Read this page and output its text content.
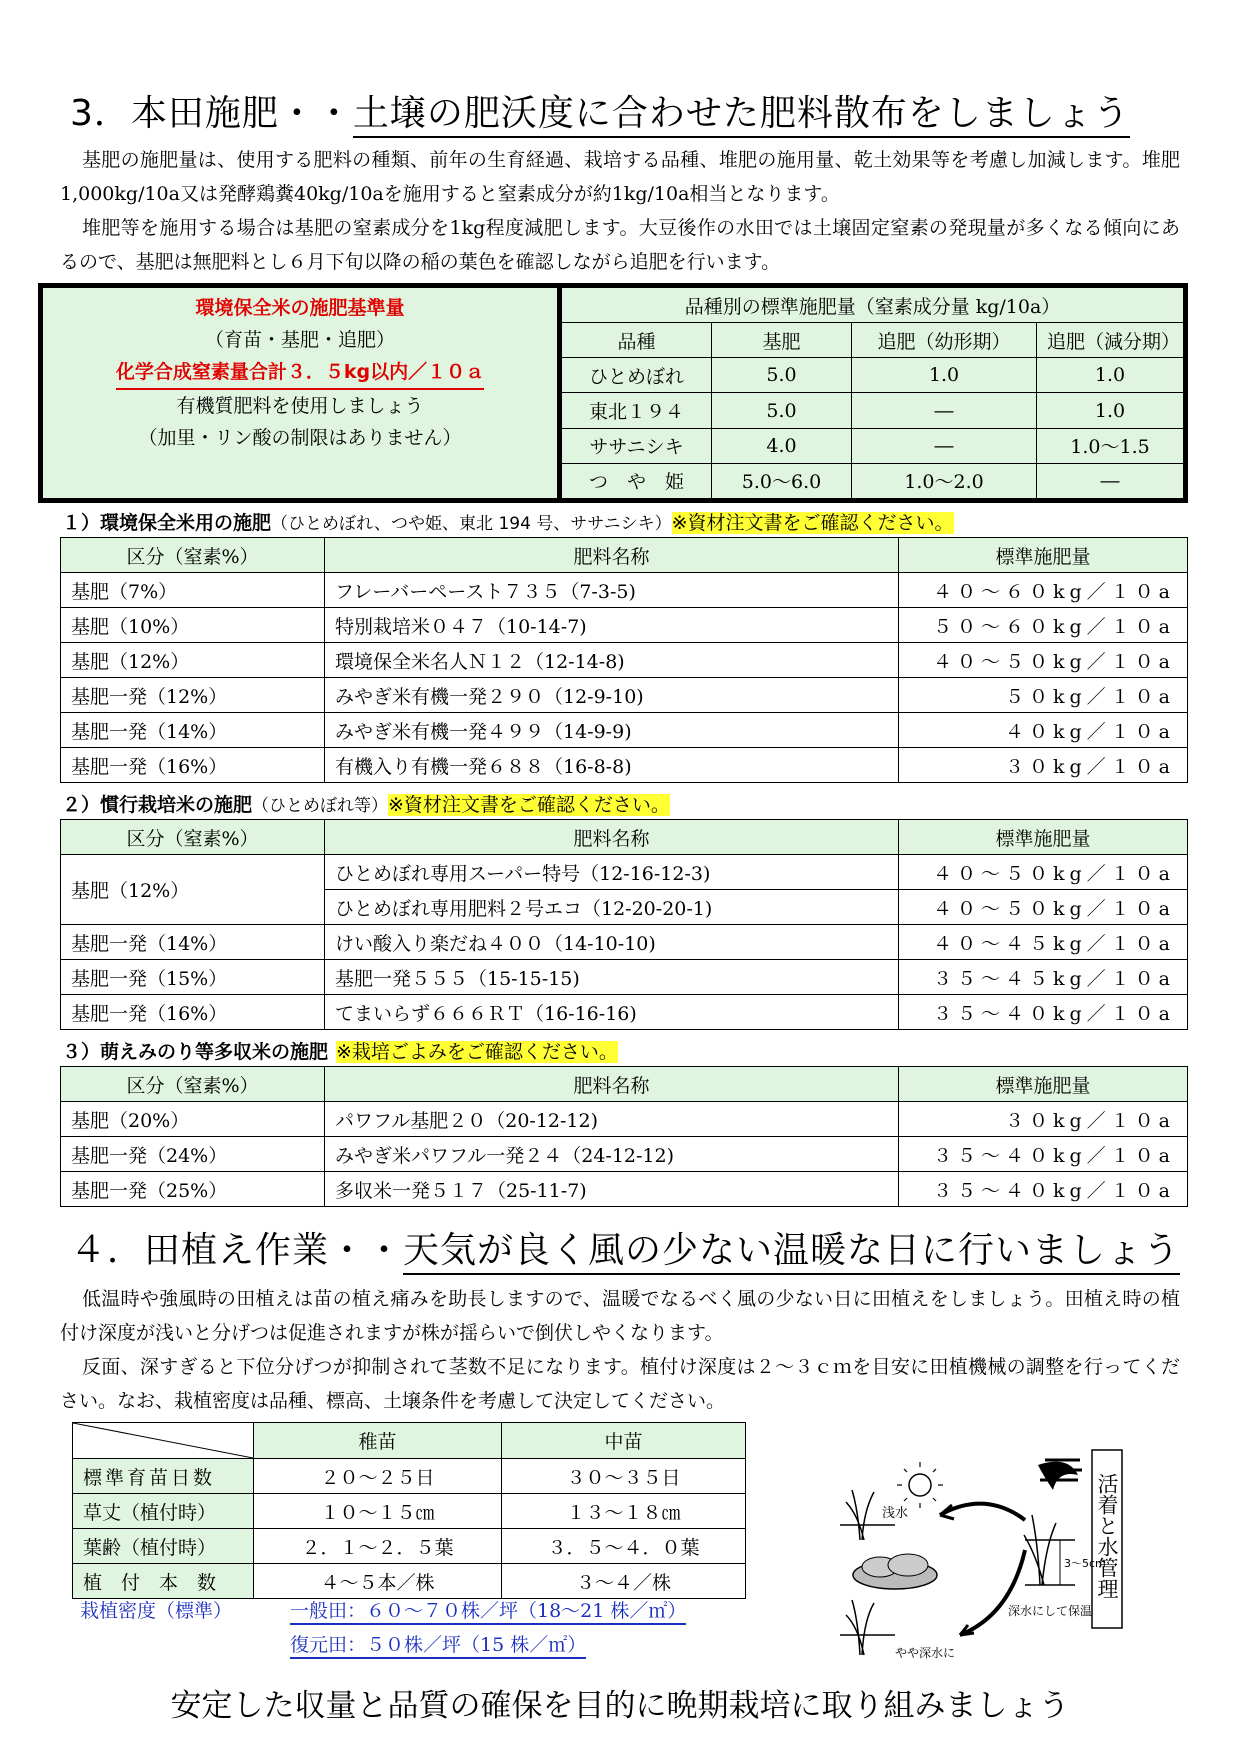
3．本田施肥・・土壌の肥沃度に合わせた肥料散布をしましょう
基肥の施肥量は、使用する肥料の種類、前年の生育経過、栽培する品種、堆肥の施用量、乾土効果等を考慮し加減します。堆肥1,000kg/10a又は発酵鶏糞40kg/10aを施用すると窒素成分が約1kg/10a相当となります。
堆肥等を施用する場合は基肥の窒素成分を1kg程度減肥します。大豆後作の水田では土壌固定窒素の発現量が多くなる傾向にあるので、基肥は無肥料とし６月下旬以降の稲の葉色を確認しながら追肥を行います。
環境保全米の施肥基準量
（育苗・基肥・追肥）
化学合成窒素量合計３．５kg以内／１０ａ
有機質肥料を使用しましょう
（加里・リン酸の制限はありません）
品種別の標準施肥量（窒素成分量 kg/10a）			
品種	基肥	追肥（幼形期）	追肥（減分期）
ひとめぼれ	5.0	1.0	1.0
東北１９４	5.0	―	1.0
ササニシキ	4.0	―	1.0～1.5
つ　や　姫	5.0～6.0	1.0～2.0	―
１）環境保全米用の施肥（ひとめぼれ、つや姫、東北 194 号、ササニシキ）※資材注文書をご確認ください。
区分（窒素%）	肥料名称	標準施肥量
基肥（7%）	フレーバーペースト７３５（7-3-5)	４０～６０kg／１０a
基肥（10%）	特別栽培米０４７（10-14-7)	５０～６０kg／１０a
基肥（12%）	環境保全米名人Ｎ１２（12-14-8)	４０～５０kg／１０a
基肥一発（12%）	みやぎ米有機一発２９０（12-9-10)	５０kg／１０a
基肥一発（14%）	みやぎ米有機一発４９９（14-9-9)	４０kg／１０a
基肥一発（16%）	有機入り有機一発６８８（16-8-8)	３０kg／１０a
２）慣行栽培米の施肥（ひとめぼれ等）※資材注文書をご確認ください。
区分（窒素%）	肥料名称	標準施肥量
基肥（12%）	ひとめぼれ専用スーパー特号（12-16-12-3)	４０～５０kg／１０a
	ひとめぼれ専用肥料２号エコ（12-20-20-1)	４０～５０kg／１０a
基肥一発（14%）	けい酸入り楽だね４００（14-10-10)	４０～４５kg／１０a
基肥一発（15%）	基肥一発５５５（15-15-15)	３５～４５kg／１０a
基肥一発（16%）	てまいらず６６６ＲＴ（16-16-16)	３５～４０kg／１０a
３）萌えみのり等多収米の施肥 ※栽培ごよみをご確認ください。
区分（窒素%）	肥料名称	標準施肥量
基肥（20%）	パワフル基肥２０（20-12-12)	３０kg／１０a
基肥一発（24%）	みやぎ米パワフル一発２４（24-12-12)	３５～４０kg／１０a
基肥一発（25%）	多収米一発５１７（25-11-7)	３５～４０kg／１０a
４．田植え作業・・天気が良く風の少ない温暖な日に行いましょう
低温時や強風時の田植えは苗の植え痛みを助長しますので、温暖でなるべく風の少ない日に田植えをしましょう。田植え時の植付け深度が浅いと分げつは促進されますが株が揺らいで倒伏しやくなります。
反面、深すぎると下位分げつが抑制されて茎数不足になります。植付け深度は２～３ｃｍを目安に田植機械の調整を行ってください。なお、栽植密度は品種、標高、土壌条件を考慮して決定してください。
	稚苗	中苗
標準育苗日数	２０～２５日	３０～３５日
草丈（植付時）	１０～１５㎝	１３～１８㎝
葉齢（植付時）	２．１～２．５葉	３．５～４．０葉
植　付　本　数	４～５本／株	３～４／株
栽植密度（標準）	一般田：６０～７０株／坪（18～21 株／㎡）
復元田：５０株／坪（15 株／㎡）
浅水
3～5cm
深水にして保温
やや深水に
活着と水管理
安定した収量と品質の確保を目的に晩期栽培に取り組みましょう
